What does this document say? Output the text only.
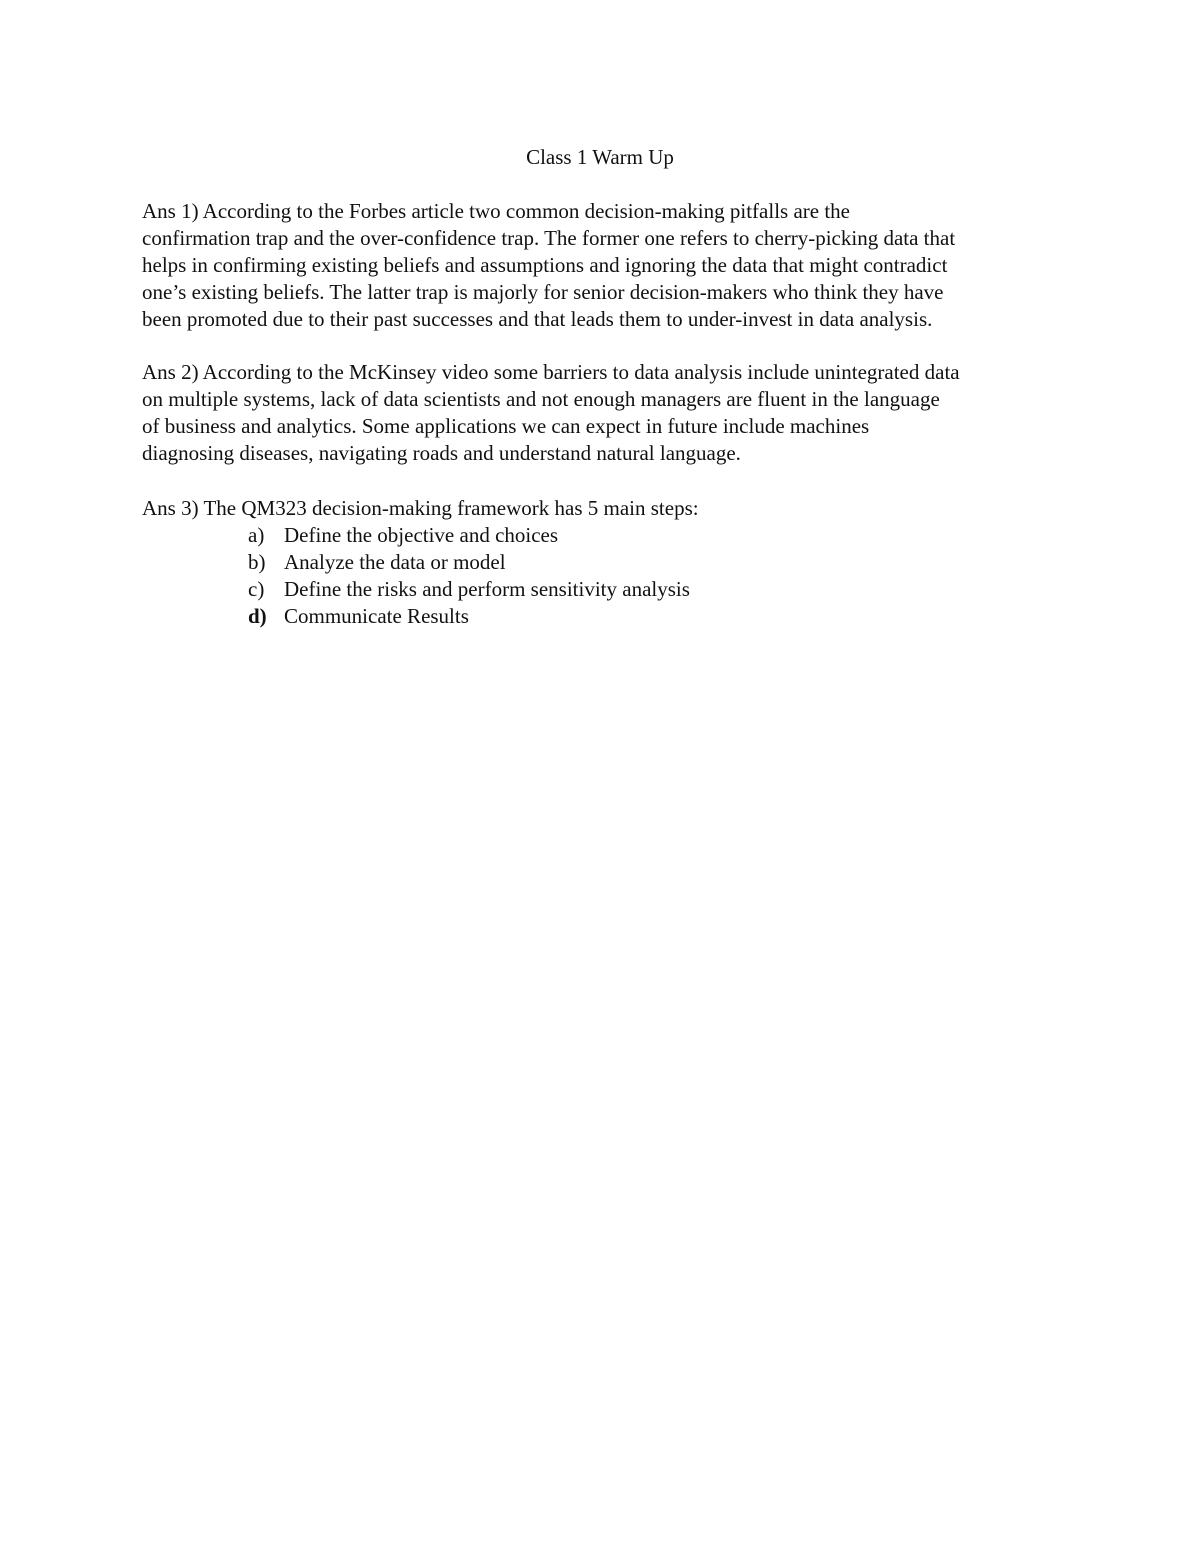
Class 1 Warm Up

Ans 1) According to the Forbes article two common decision-making pitfalls are the
confirmation trap and the over-confidence trap. The former one refers to cherry-picking data that
helps in confirming existing beliefs and assumptions and ignoring the data that might contradict
one’s existing beliefs. The latter trap is majorly for senior decision-makers who think they have
been promoted due to their past successes and that leads them to under-invest in data analysis.

Ans 2) According to the McKinsey video some barriers to data analysis include unintegrated data
on multiple systems, lack of data scientists and not enough managers are fluent in the language
of business and analytics. Some applications we can expect in future include machines
diagnosing diseases, navigating roads and understand natural language.

Ans 3) The QM323 decision-making framework has 5 main steps:

a) Define the objective and choices
b) Analyze the data or model
c) Define the risks and perform sensitivity analysis
d) Communicate Results
